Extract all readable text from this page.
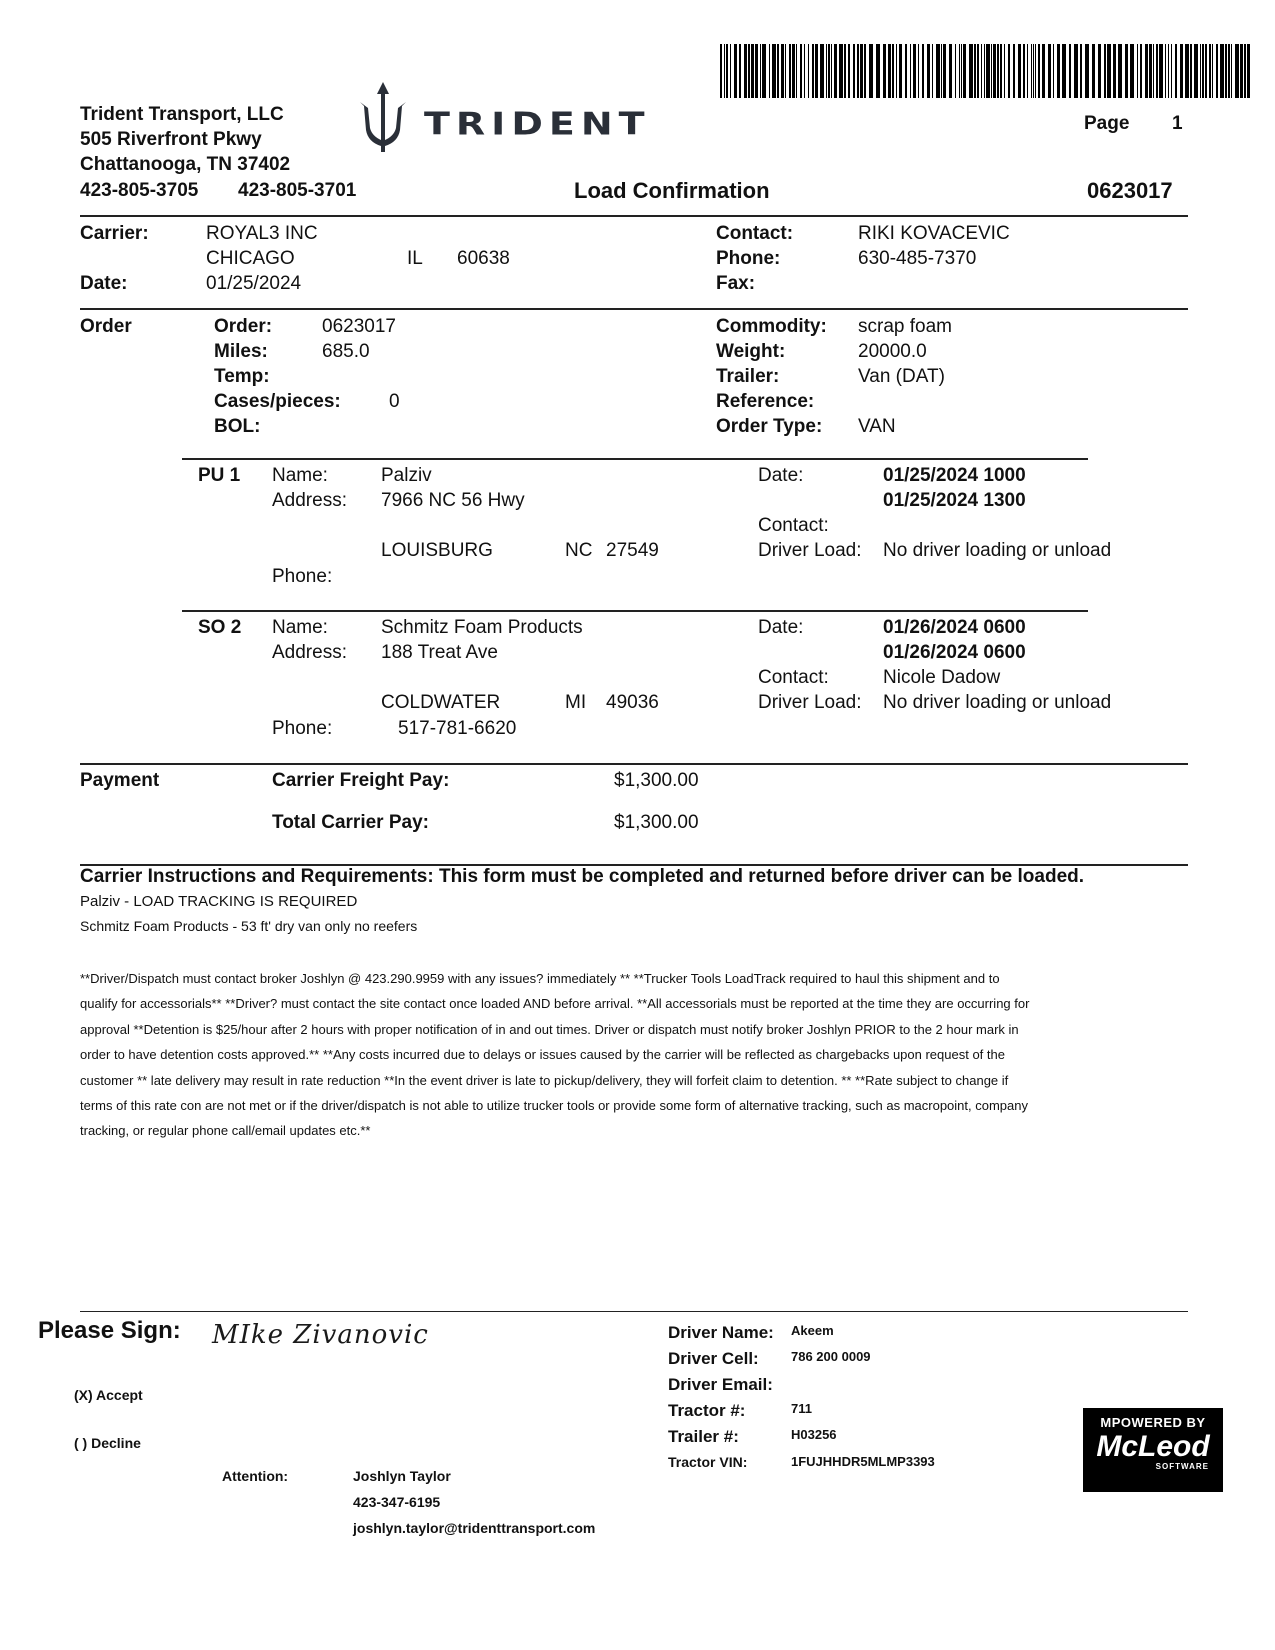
Trident Transport, LLC
505 Riverfront Pkwy
Chattanooga, TN 37402
423-805-3705 423-805-3701
TRIDENT	Page 1
Load Confirmation	0623017
Carrier:	ROYAL3 INC
CHICAGO	IL 60638
Date:	01/25/2024
Contact:	RIKI KOVACEVIC
Phone:	630-485-7370
Fax:
Order	Order:	0623017
Miles:	685.0
Temp:
Cases/pieces:	0
BOL:
Commodity: scrap foam
Weight:	20000.0
Trailer:	Van (DAT)
Reference:
Order Type: VAN
PU 1 Name:	Palziv
Address: 7966 NC 56 Hwy
LOUISBURG	NC 27549
Phone:
Date:	01/25/2024 1000
01/25/2024 1300
Contact:
Driver Load: No driver loading or unload
SO 2 Name:	Schmitz Foam Products
Address: 188 Treat Ave
COLDWATER	MI 49036
Phone:	517-781-6620
Date:	01/26/2024 0600
01/26/2024 0600
Contact:	Nicole Dadow
Driver Load: No driver loading or unload
Payment	Carrier Freight Pay:	$1,300.00
Total Carrier Pay:	$1,300.00
Carrier Instructions and Requirements: This form must be completed and returned before driver can be loaded.
Palziv - LOAD TRACKING IS REQUIRED
Schmitz Foam Products - 53 ft' dry van only no reefers
**Driver/Dispatch must contact broker Joshlyn @ 423.290.9959 with any issues? immediately ** **Trucker Tools LoadTrack required to haul this shipment and to qualify for accessorials** **Driver? must contact the site contact once loaded AND before arrival. **All accessorials must be reported at the time they are occurring for approval **Detention is $25/hour after 2 hours with proper notification of in and out times. Driver or dispatch must notify broker Joshlyn PRIOR to the 2 hour mark in order to have detention costs approved.** **Any costs incurred due to delays or issues caused by the carrier will be reflected as chargebacks upon request of the customer ** late delivery may result in rate reduction **In the event driver is late to pickup/delivery, they will forfeit claim to detention. ** **Rate subject to change if terms of this rate con are not met or if the driver/dispatch is not able to utilize trucker tools or provide some form of alternative tracking, such as macropoint, company tracking, or regular phone call/email updates etc.**
Please Sign: MIke Zivanovic
(X) Accept
( ) Decline
Attention:	Joshlyn Taylor
423-347-6195
joshlyn.taylor@tridenttransport.com
Driver Name: Akeem
Driver Cell: 786 200 0009
Driver Email:
Tractor #:	711
Trailer #:	H03256
Tractor VIN:	1FUJHHDR5MLMP3393
MPOWERED BY
McLeod
SOFTWARE
